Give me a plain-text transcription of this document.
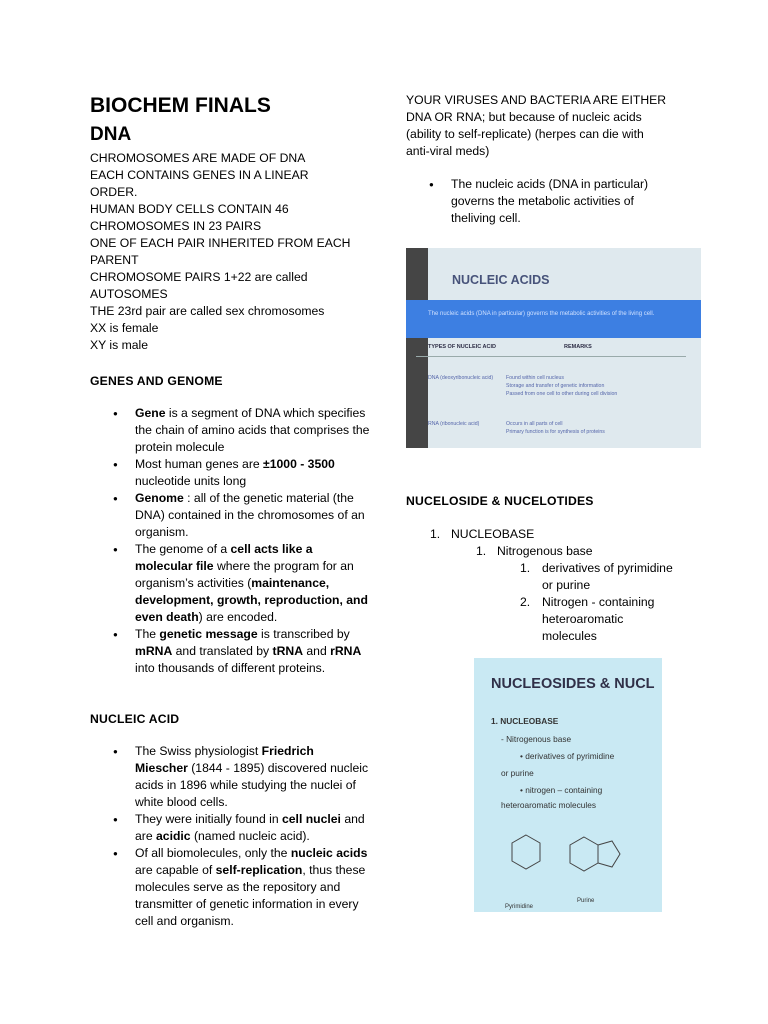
BIOCHEM FINALS
DNA
CHROMOSOMES ARE MADE OF DNA
EACH CONTAINS GENES IN A LINEAR
ORDER.
HUMAN BODY CELLS CONTAIN 46
CHROMOSOMES IN 23 PAIRS
ONE OF EACH PAIR INHERITED FROM EACH
PARENT
CHROMOSOME PAIRS 1+22 are called
AUTOSOMES
THE 23rd pair are called sex chromosomes
XX is female
XY is male
GENES AND GENOME
● Gene is a segment of DNA which specifies the chain of amino acids that comprises the protein molecule
● Most human genes are ±1000 - 3500 nucleotide units long
● Genome : all of the genetic material (the DNA) contained in the chromosomes of an organism.
● The genome of a cell acts like a molecular file where the program for an organism’s activities (maintenance, development, growth, reproduction, and even death) are encoded.
● The genetic message is transcribed by mRNA and translated by tRNA and rRNA into thousands of different proteins.
NUCLEIC ACID
● The Swiss physiologist Friedrich Miescher (1844 - 1895) discovered nucleic acids in 1896 while studying the nuclei of white blood cells.
● They were initially found in cell nuclei and are acidic (named nucleic acid).
● Of all biomolecules, only the nucleic acids are capable of self-replication, thus these molecules serve as the repository and transmitter of genetic information in every cell and organism.
YOUR VIRUSES AND BACTERIA ARE EITHER
DNA OR RNA; but because of nucleic acids
(ability to self-replicate) (herpes can die with
anti-viral meds)
● The nucleic acids (DNA in particular)
governs the metabolic activities of
theliving cell.
NUCLEIC ACIDS
The nucleic acids (DNA in particular) governs the metabolic activities of the living cell.
TYPES OF NUCLEIC ACID	REMARKS
DNA (deoxyribonucleic acid)	Found within cell nucleus
Storage and transfer of genetic information
Passed from one cell to other during cell division
RNA (ribonucleic acid)	Occurs in all parts of cell
Primary function is for synthesis of proteins
NUCELOSIDE & NUCELOTIDES
1. NUCLEOBASE
1. Nitrogenous base
1. derivatives of pyrimidine
or purine
2. Nitrogen - containing
heteroaromatic
molecules
NUCLEOSIDES & NUCL
1. NUCLEOBASE
- Nitrogenous base
• derivatives of pyrimidine
or purine
• nitrogen – containing
heteroaromatic molecules
Pyrimidine
Purine
